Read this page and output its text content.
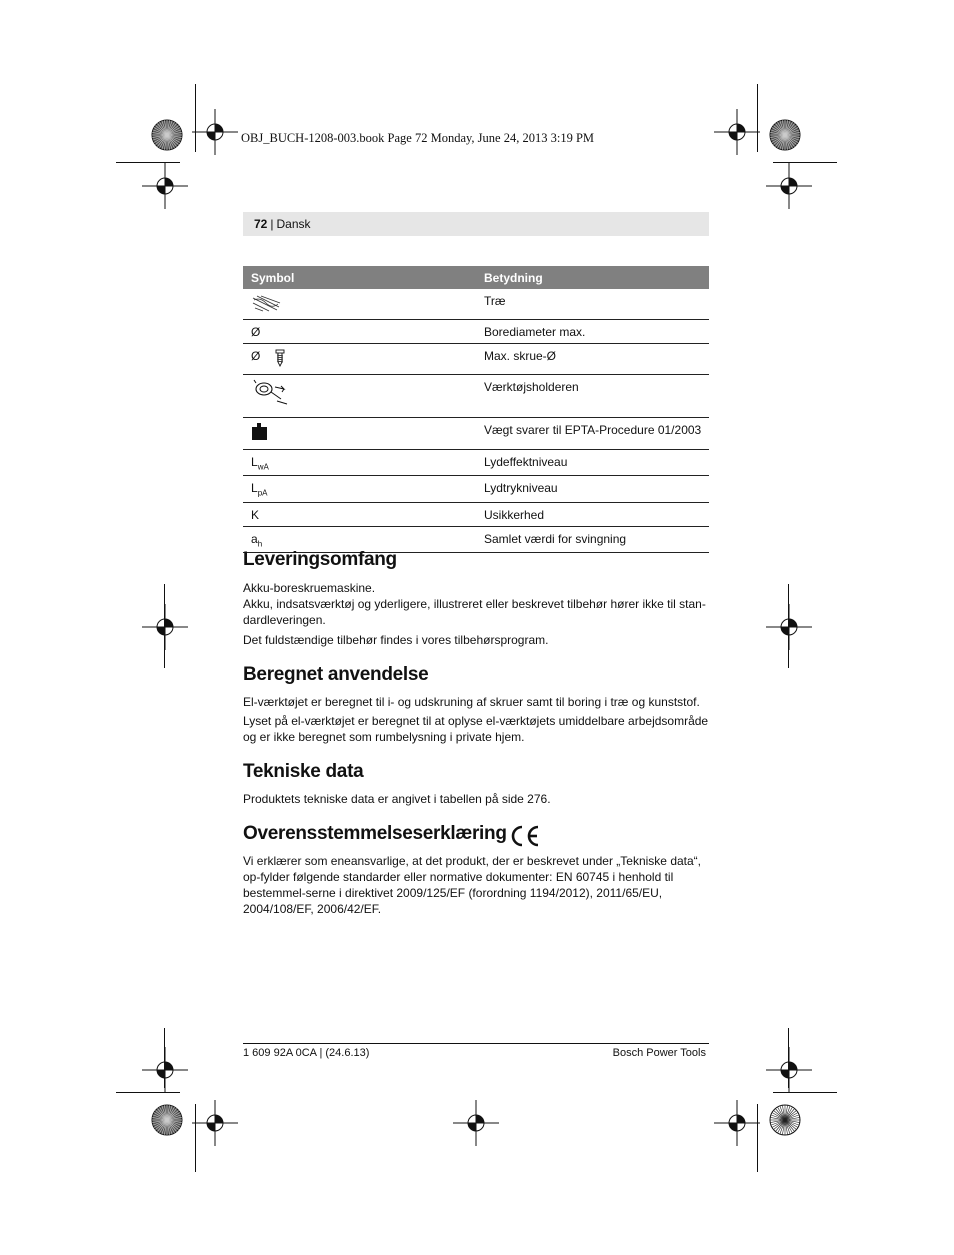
OBJ_BUCH-1208-003.book Page 72 Monday, June 24, 2013 3:19 PM
72 | Dansk
Symbol	Betydning
	Træ
Ø	Borediameter max.
Ø	Max. skrue-Ø
	Værktøjsholderen
	Vægt svarer til EPTA-Procedure 01/2003
$L_{wA}$	Lydeffektniveau
$L_{pA}$	Lydtrykniveau
K	Usikkerhed
$a_h$	Samlet værdi for svingning
Leveringsomfang

Akku-boreskruemaskine.

Akku, indsatsværktøj og yderligere, illustreret eller beskrevet tilbehør hører ikke til stan-dardleveringen.

Det fuldstændige tilbehør findes i vores tilbehørsprogram.

Beregnet anvendelse

El-værktøjet er beregnet til i- og udskruning af skruer samt til boring i træ og kunststof.

Lyset på el-værktøjet er beregnet til at oplyse el-værktøjets umiddelbare arbejdsområde og er ikke beregnet som rumbelysning i private hjem.

Tekniske data

Produktets tekniske data er angivet i tabellen på side 276.

Overensstemmelseserklæring

Vi erklærer som eneansvarlige, at det produkt, der er beskrevet under „Tekniske data“, op-fylder følgende standarder eller normative dokumenter: EN 60745 i henhold til bestemmel-serne i direktivet 2009/125/EF (forordning 1194/2012), 2011/65/EU, 2004/108/EF, 2006/42/EF.

1 609 92A 0CA | (24.6.13)	Bosch Power Tools
